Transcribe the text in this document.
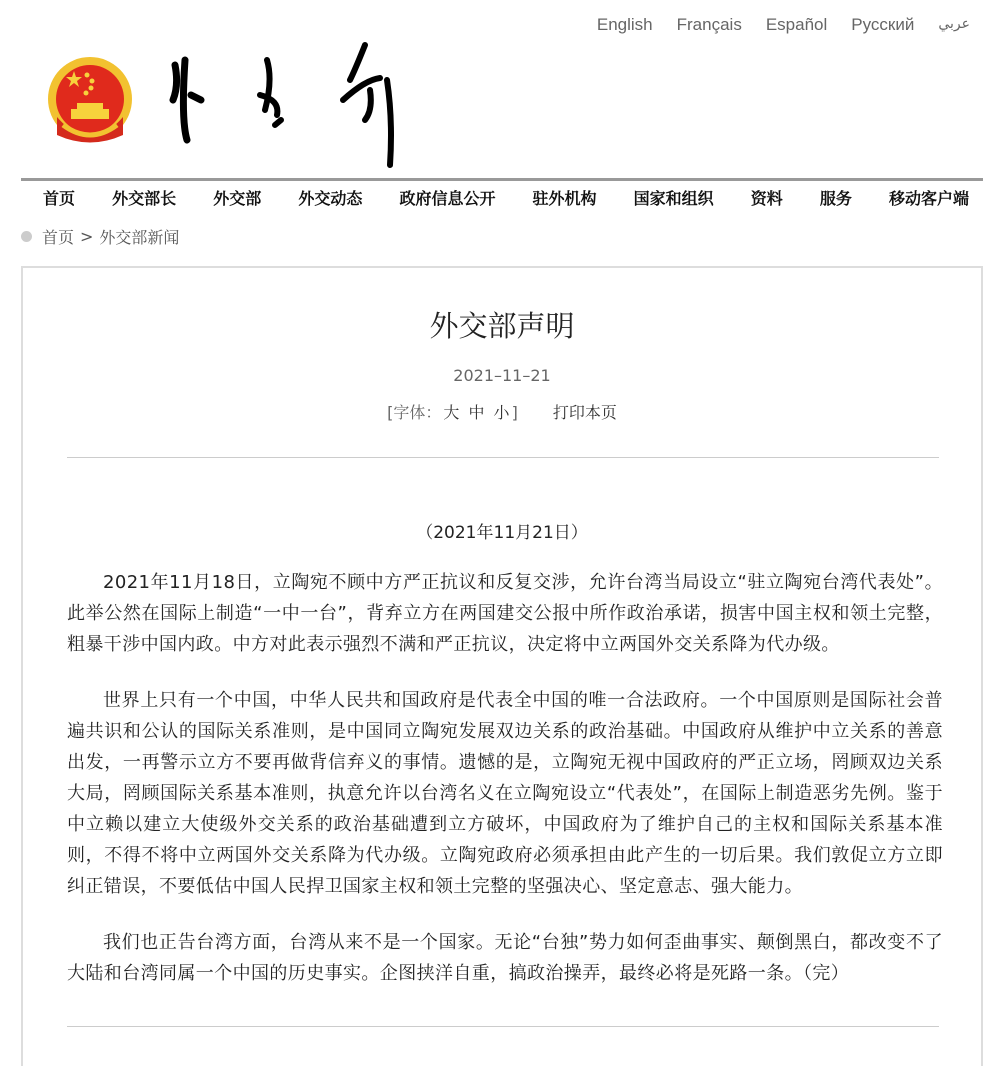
English Français Español Русский عربي
首页 外交部长 外交部 外交动态 政府信息公开 驻外机构 国家和组织 资料 服务 移动客户端
首页 > 外交部新闻
外交部声明
2021–11–21
[字体： 大 中 小 ] 打印本页
（2021年11月21日）

2021年11月18日，立陶宛不顾中方严正抗议和反复交涉，允许台湾当局设立“驻立陶宛台湾代表处”。此举公然在国际上制造“一中一台”，背弃立方在两国建交公报中所作政治承诺，损害中国主权和领土完整，粗暴干涉中国内政。中方对此表示强烈不满和严正抗议，决定将中立两国外交关系降为代办级。

世界上只有一个中国，中华人民共和国政府是代表全中国的唯一合法政府。一个中国原则是国际社会普遍共识和公认的国际关系准则，是中国同立陶宛发展双边关系的政治基础。中国政府从维护中立关系的善意出发，一再警示立方不要再做背信弃义的事情。遗憾的是，立陶宛无视中国政府的严正立场，罔顾双边关系大局，罔顾国际关系基本准则，执意允许以台湾名义在立陶宛设立“代表处”，在国际上制造恶劣先例。鉴于中立赖以建立大使级外交关系的政治基础遭到立方破坏，中国政府为了维护自己的主权和国际关系基本准则，不得不将中立两国外交关系降为代办级。立陶宛政府必须承担由此产生的一切后果。我们敦促立方立即纠正错误，不要低估中国人民捍卫国家主权和领土完整的坚强决心、坚定意志、强大能力。

我们也正告台湾方面，台湾从来不是一个国家。无论“台独”势力如何歪曲事实、颠倒黑白，都改变不了大陆和台湾同属一个中国的历史事实。企图挟洋自重，搞政治操弄，最终必将是死路一条。（完）
